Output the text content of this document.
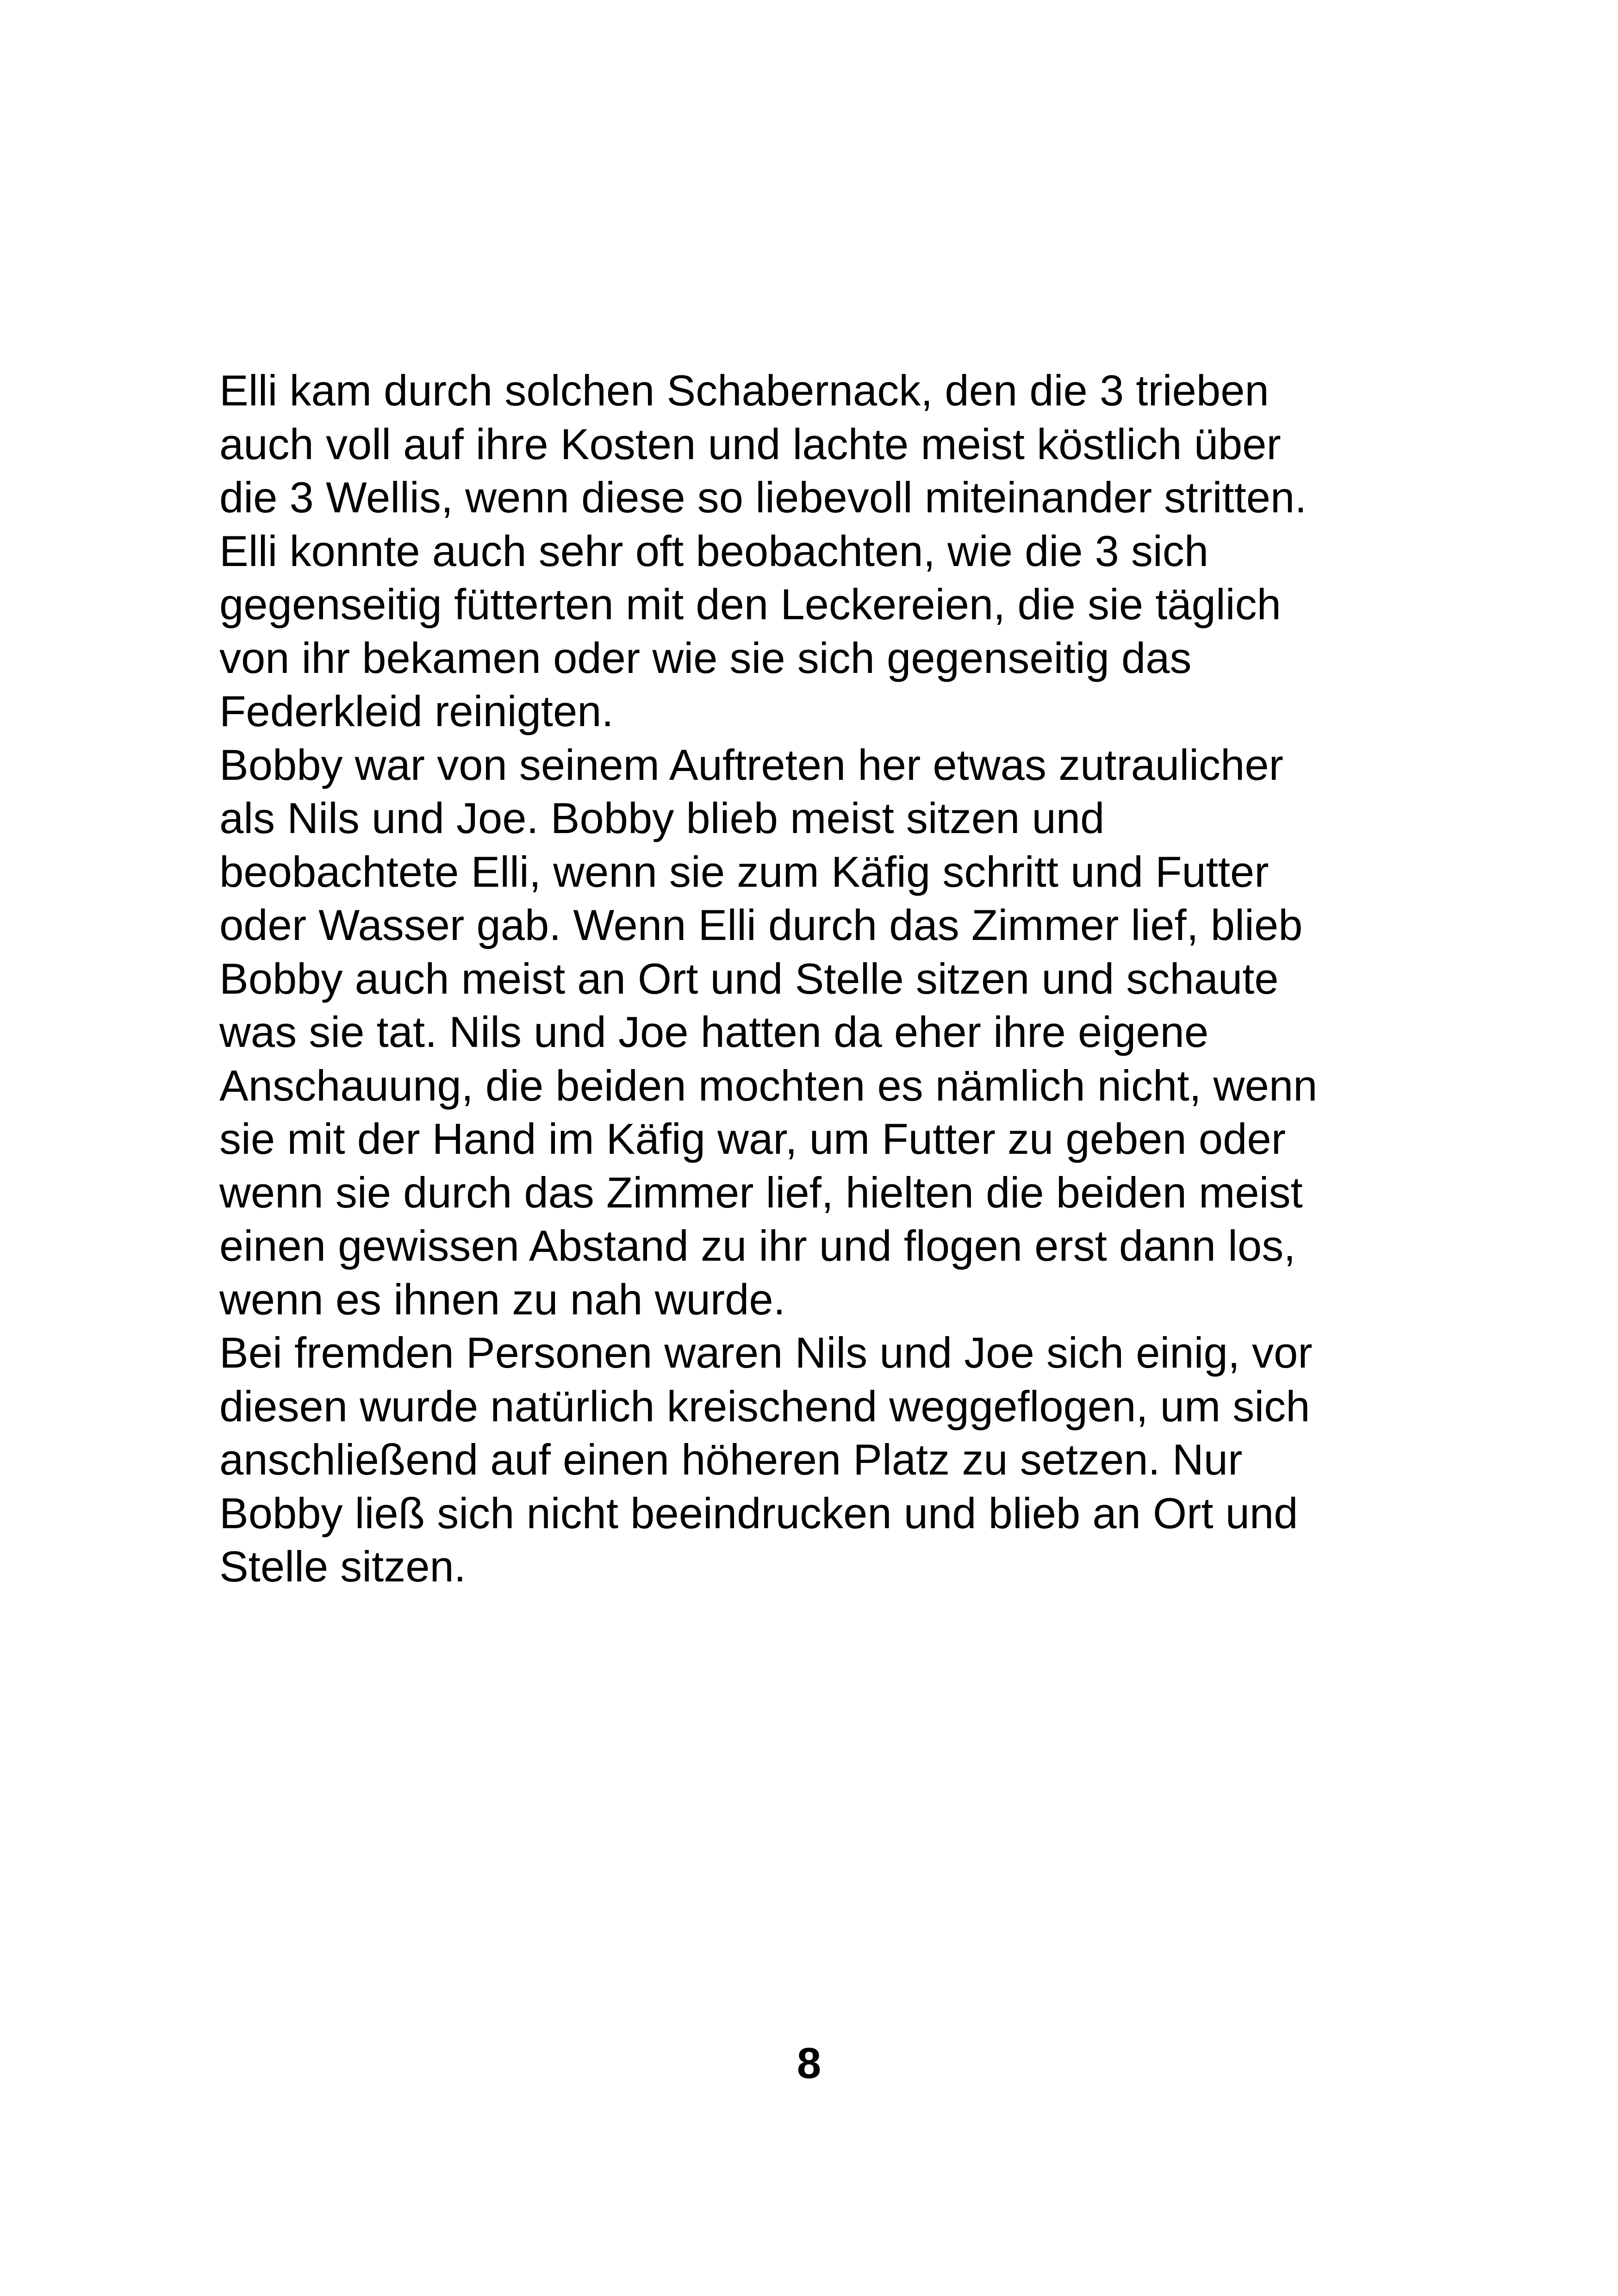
Elli kam durch solchen Schabernack, den die 3 trieben
auch voll auf ihre Kosten und lachte meist köstlich über
die 3 Wellis, wenn diese so liebevoll miteinander stritten.
Elli konnte auch sehr oft beobachten, wie die 3 sich
gegenseitig fütterten mit den Leckereien, die sie täglich
von ihr bekamen oder wie sie sich gegenseitig das
Federkleid reinigten.
Bobby war von seinem Auftreten her etwas zutraulicher
als Nils und Joe. Bobby blieb meist sitzen und
beobachtete Elli, wenn sie zum Käfig schritt und Futter
oder Wasser gab. Wenn Elli durch das Zimmer lief, blieb
Bobby auch meist an Ort und Stelle sitzen und schaute
was sie tat. Nils und Joe hatten da eher ihre eigene
Anschauung, die beiden mochten es nämlich nicht, wenn
sie mit der Hand im Käfig war, um Futter zu geben oder
wenn sie durch das Zimmer lief, hielten die beiden meist
einen gewissen Abstand zu ihr und flogen erst dann los,
wenn es ihnen zu nah wurde.
Bei fremden Personen waren Nils und Joe sich einig, vor
diesen wurde natürlich kreischend weggeflogen, um sich
anschließend auf einen höheren Platz zu setzen. Nur
Bobby ließ sich nicht beeindrucken und blieb an Ort und
Stelle sitzen.
8
